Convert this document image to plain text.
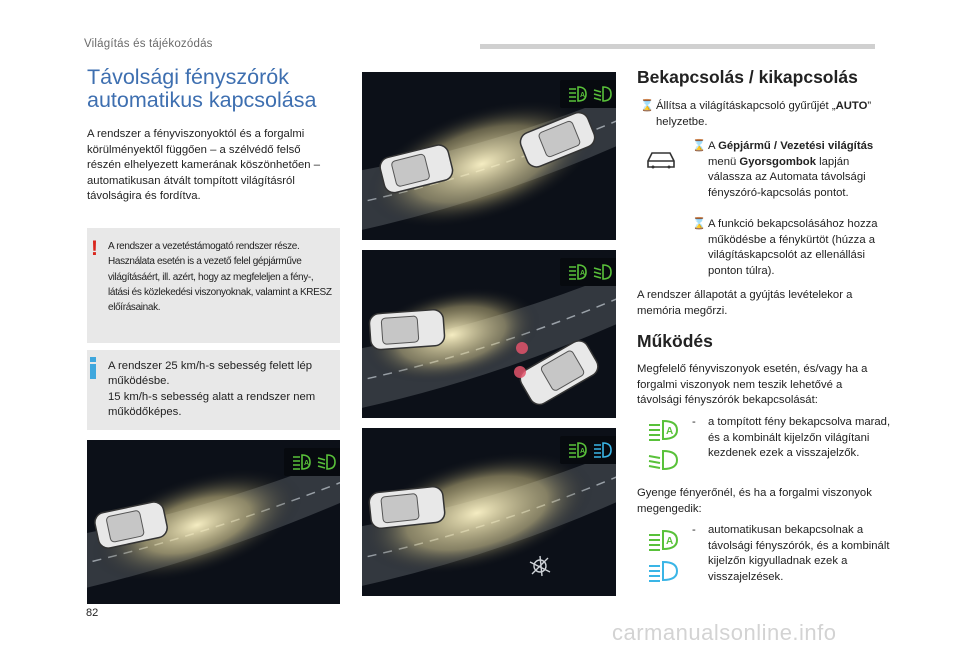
Világítás és tájékozódás
Távolsági fényszórók
automatikus kapcsolása
A rendszer a fényviszonyoktól és a forgalmi körülményektől függően – a szélvédő felső részén elhelyezett kamerának köszönhetően – automatikusan átvált tompított világításról távolságira és fordítva.
! A rendszer a vezetéstámogató rendszer része. Használata esetén is a vezető felel gépjárműve világításáért, ill. azért, hogy az megfeleljen a fény-, látási és közlekedési viszonyoknak, valamint a KRESZ előírásainak.
A rendszer 25 km/h-s sebesség felett lép működésbe.
15 km/h-s sebesség alatt a rendszer nem működőképes.
A
A
A
A
Bekapcsolás / kikapcsolás
⌛ Állítsa a világításkapcsoló gyűrűjét „AUTO”
helyzetbe.
⌛ A Gépjármű / Vezetési világítás menü Gyorsgombok lapján válassza az Automata távolsági fényszóró-kapcsolás pontot.
⌛ A funkció bekapcsolásához hozza működésbe a fénykürtöt (húzza a világításkapcsolót az ellenállási ponton túlra).
A rendszer állapotát a gyújtás levételekor a memória megőrzi.
Működés
Megfelelő fényviszonyok esetén, és/vagy ha a forgalmi viszonyok nem teszik lehetővé a távolsági fényszórók bekapcsolását:
A
-	a tompított fény bekapcsolva marad, és a kombinált kijelzőn világítani kezdenek ezek a visszajelzők.
Gyenge fényerőnél, és ha a forgalmi viszonyok megengedik:
A
-	automatikusan bekapcsolnak a távolsági fényszórók, és a kombinált kijelzőn kigyulladnak ezek a visszajelzések.
82
carmanualsonline.info
